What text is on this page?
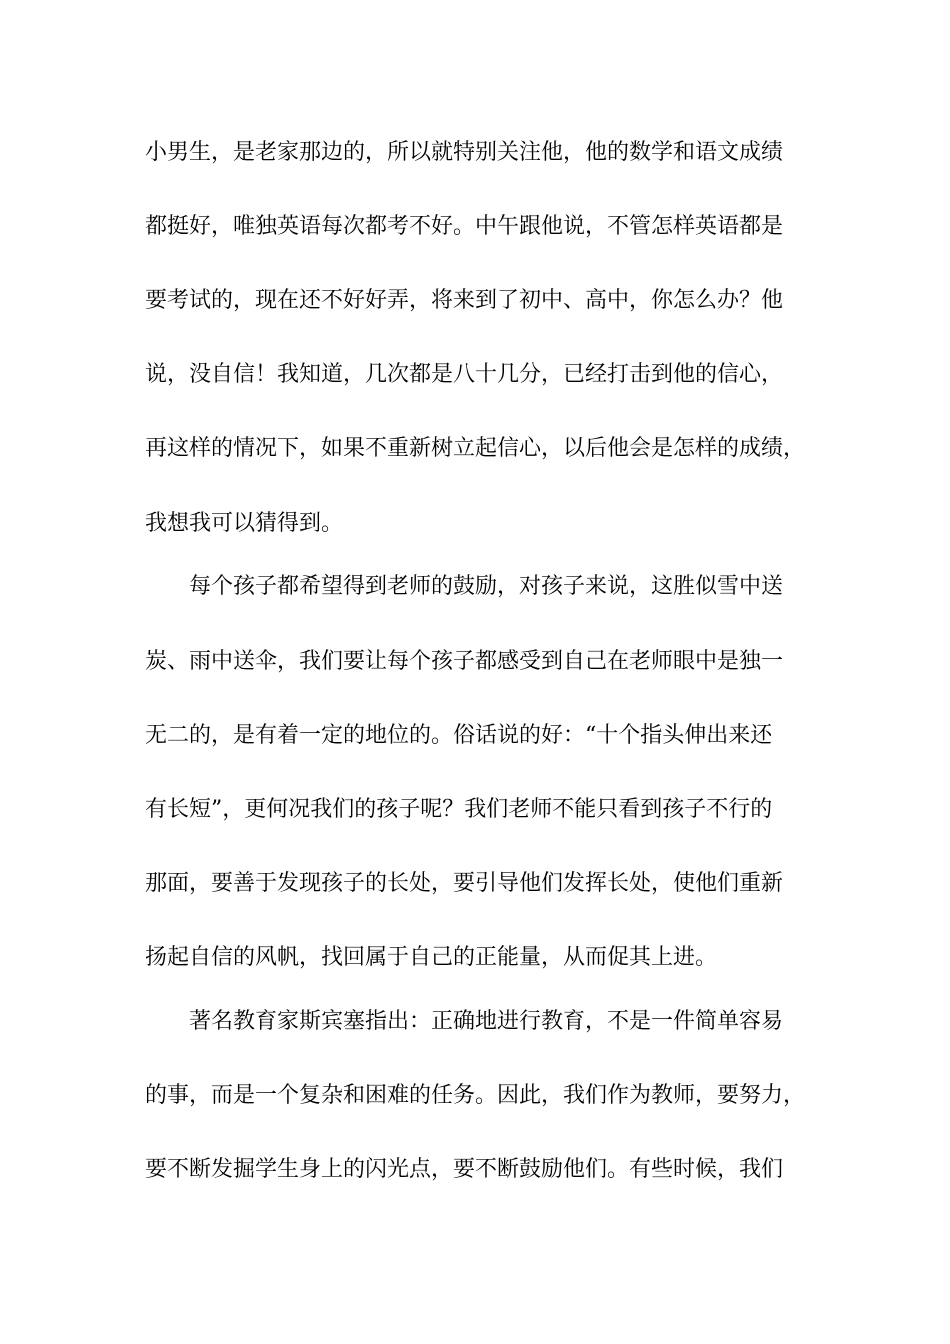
小男生，是老家那边的，所以就特别关注他，他的数学和语文成绩

都挺好，唯独英语每次都考不好。中午跟他说，不管怎样英语都是

要考试的，现在还不好好弄，将来到了初中、高中，你怎么办？他

说，没自信！我知道，几次都是八十几分，已经打击到他的信心，

再这样的情况下，如果不重新树立起信心，以后他会是怎样的成绩，

我想我可以猜得到。

每个孩子都希望得到老师的鼓励，对孩子来说，这胜似雪中送

炭、雨中送伞，我们要让每个孩子都感受到自己在老师眼中是独一

无二的，是有着一定的地位的。俗话说的好：“十个指头伸出来还

有长短”，更何况我们的孩子呢？我们老师不能只看到孩子不行的

那面，要善于发现孩子的长处，要引导他们发挥长处，使他们重新

扬起自信的风帆，找回属于自己的正能量，从而促其上进。

著名教育家斯宾塞指出：正确地进行教育，不是一件简单容易

的事，而是一个复杂和困难的任务。因此，我们作为教师，要努力，

要不断发掘学生身上的闪光点，要不断鼓励他们。有些时候，我们
